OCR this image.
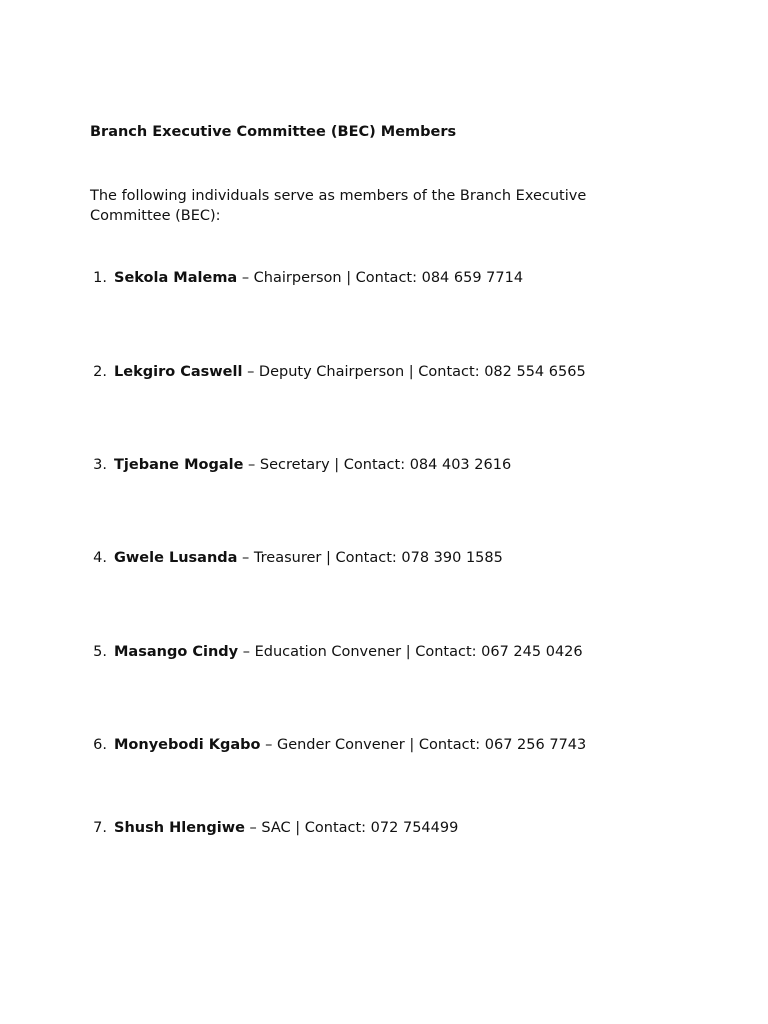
Branch Executive Committee (BEC) Members
The following individuals serve as members of the Branch Executive Committee (BEC):
1. Sekola Malema – Chairperson | Contact: 084 659 7714
2. Lekgiro Caswell – Deputy Chairperson | Contact: 082 554 6565
3. Tjebane Mogale – Secretary | Contact: 084 403 2616
4. Gwele Lusanda – Treasurer | Contact: 078 390 1585
5. Masango Cindy – Education Convener | Contact: 067 245 0426
6. Monyebodi Kgabo – Gender Convener | Contact: 067 256 7743
7. Shush Hlengiwe – SAC | Contact: 072 754499
